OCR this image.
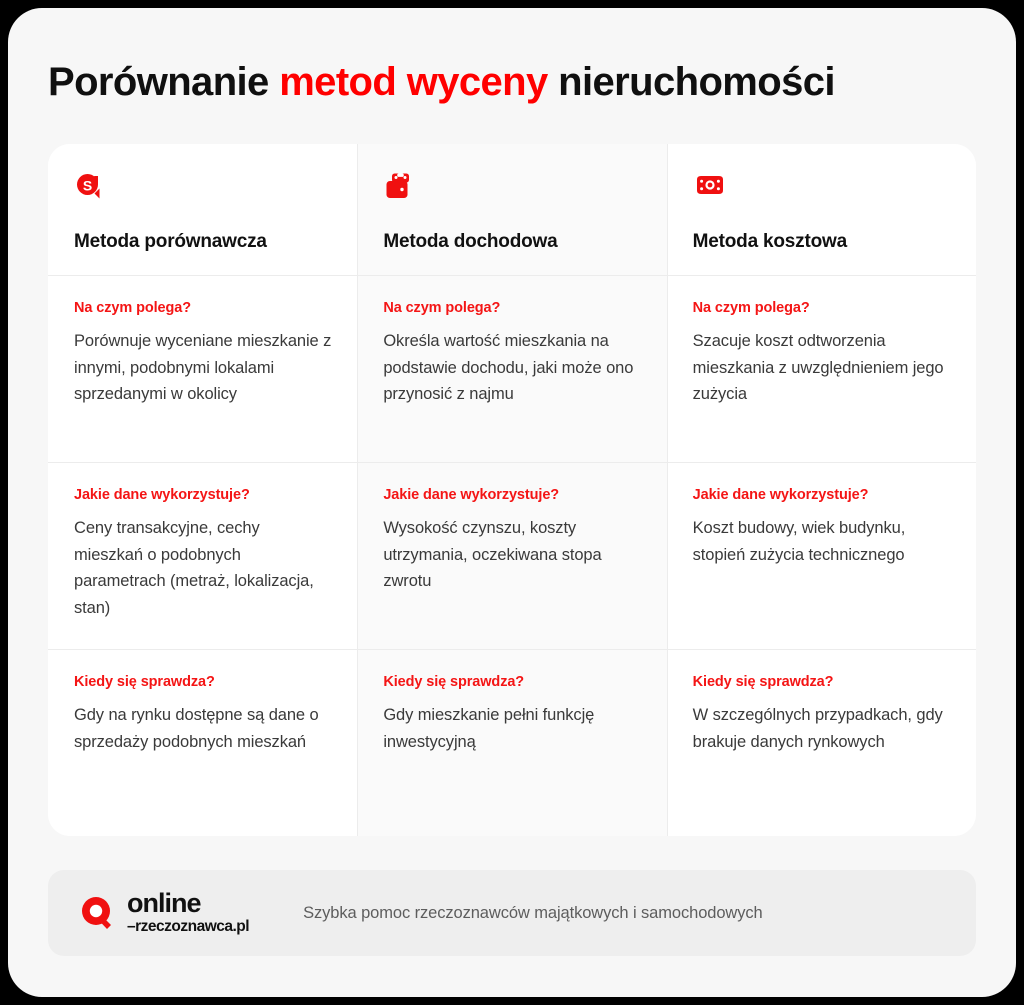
Porównanie metod wyceny nieruchomości
S
Metoda porównawcza
Na czym polega?
Porównuje wyceniane mieszkanie z innymi, podobnymi lokalami sprzedanymi w okolicy
Jakie dane wykorzystuje?
Ceny transakcyjne, cechy mieszkań o podobnych parametrach (metraż, lokalizacja, stan)
Kiedy się sprawdza?
Gdy na rynku dostępne są dane o sprzedaży podobnych mieszkań
Metoda dochodowa
Na czym polega?
Określa wartość mieszkania na podstawie dochodu, jaki może ono przynosić z najmu
Jakie dane wykorzystuje?
Wysokość czynszu, koszty utrzymania, oczekiwana stopa zwrotu
Kiedy się sprawdza?
Gdy mieszkanie pełni funkcję inwestycyjną
Metoda kosztowa
Na czym polega?
Szacuje koszt odtworzenia mieszkania z uwzględnieniem jego zużycia
Jakie dane wykorzystuje?
Koszt budowy, wiek budynku, stopień zużycia technicznego
Kiedy się sprawdza?
W szczególnych przypadkach, gdy brakuje danych rynkowych
online
–rzeczoznawca.pl
Szybka pomoc rzeczoznawców majątkowych i samochodowych
